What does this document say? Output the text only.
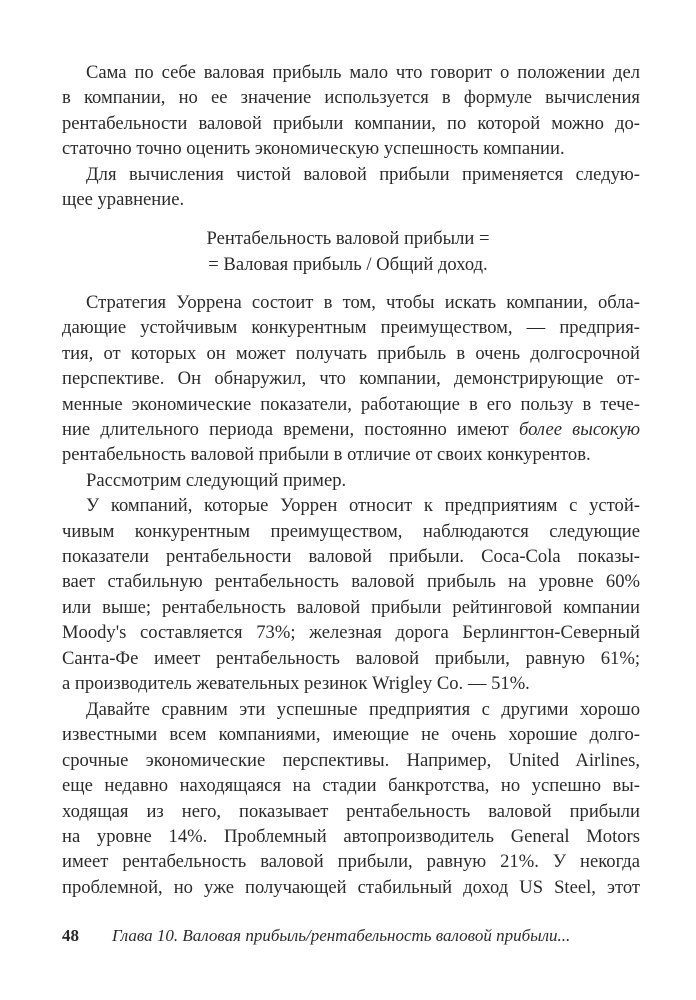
Сама по себе валовая прибыль мало что говорит о положении дел
в компании, но ее значение используется в формуле вычисления
рентабельности валовой прибыли компании, по которой можно до-
статочно точно оценить экономическую успешность компании.

Для вычисления чистой валовой прибыли применяется следую-
щее уравнение.

Рентабельность валовой прибыли =
= Валовая прибыль / Общий доход.

Стратегия Уоррена состоит в том, чтобы искать компании, обла-
дающие устойчивым конкурентным преимуществом, — предприя-
тия, от которых он может получать прибыль в очень долгосрочной
перспективе. Он обнаружил, что компании, демонстрирующие от-
менные экономические показатели, работающие в его пользу в тече-
ние длительного периода времени, постоянно имеют более высокую
рентабельность валовой прибыли в отличие от своих конкурентов.

Рассмотрим следующий пример.

У компаний, которые Уоррен относит к предприятиям с устой-
чивым конкурентным преимуществом, наблюдаются следующие
показатели рентабельности валовой прибыли. Coca-Cola показы-
вает стабильную рентабельность валовой прибыль на уровне 60%
или выше; рентабельность валовой прибыли рейтинговой компании
Moody's составляется 73%; железная дорога Берлингтон-Северный
Санта-Фе имеет рентабельность валовой прибыли, равную 61%;
а производитель жевательных резинок Wrigley Co. — 51%.

Давайте сравним эти успешные предприятия с другими хорошо
известными всем компаниями, имеющие не очень хорошие долго-
срочные экономические перспективы. Например, United Airlines,
еще недавно находящаяся на стадии банкротства, но успешно вы-
ходящая из него, показывает рентабельность валовой прибыли
на уровне 14%. Проблемный автопроизводитель General Motors
имеет рентабельность валовой прибыли, равную 21%. У некогда
проблемной, но уже получающей стабильный доход US Steel, этот

48 Глава 10. Валовая прибыль/рентабельность валовой прибыли...
